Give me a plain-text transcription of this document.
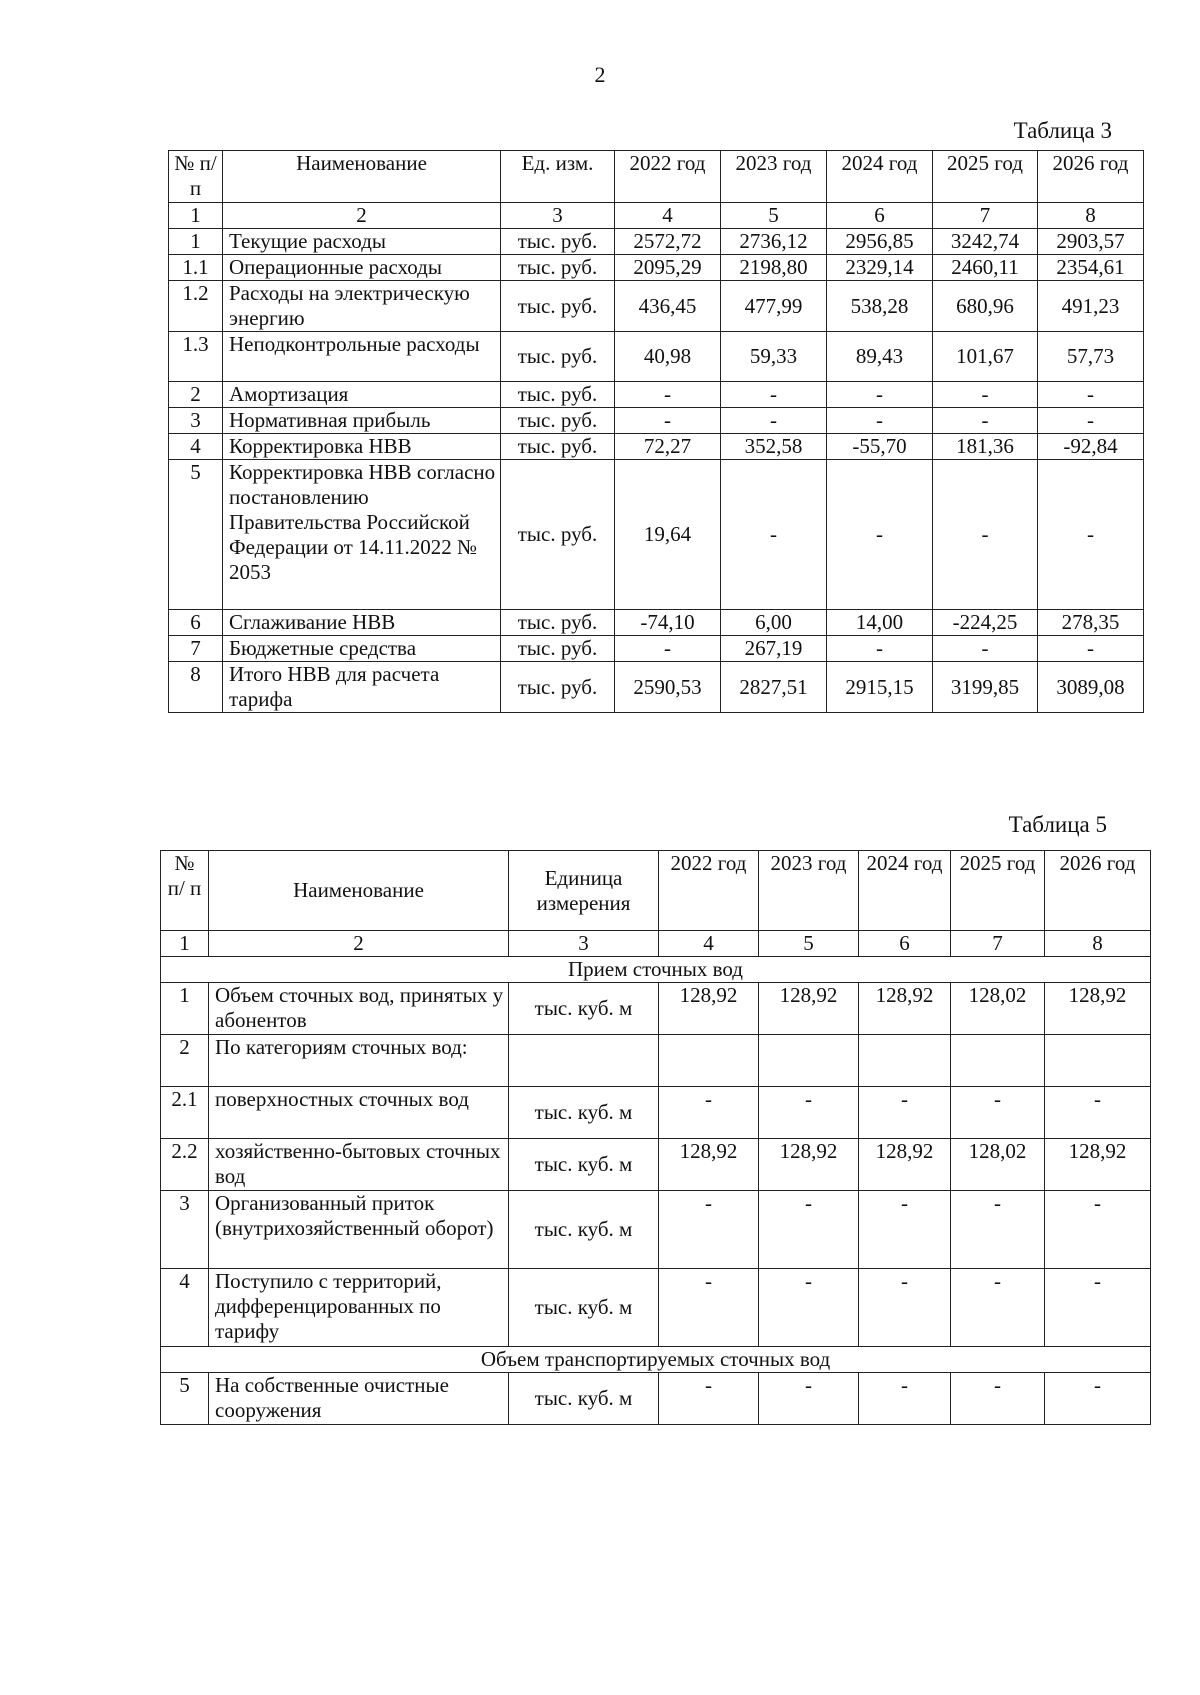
2
Таблица 3
№ п/п	Наименование	Ед. изм.	2022 год	2023 год	2024 год	2025 год	2026 год
1	2	3	4	5	6	7	8
1	Текущие расходы	тыс. руб.	2572,72	2736,12	2956,85	3242,74	2903,57
1.1	Операционные расходы	тыс. руб.	2095,29	2198,80	2329,14	2460,11	2354,61
1.2	Расходы на электрическую энергию	тыс. руб.	436,45	477,99	538,28	680,96	491,23
1.3	Неподконтрольные расходы	тыс. руб.	40,98	59,33	89,43	101,67	57,73
2	Амортизация	тыс. руб.	-	-	-	-	-
3	Нормативная прибыль	тыс. руб.	-	-	-	-	-
4	Корректировка НВВ	тыс. руб.	72,27	352,58	-55,70	181,36	-92,84
5	Корректировка НВВ согласно постановлению Правительства Российской Федерации от 14.11.2022 № 2053	тыс. руб.	19,64	-	-	-	-
6	Сглаживание НВВ	тыс. руб.	-74,10	6,00	14,00	-224,25	278,35
7	Бюджетные средства	тыс. руб.	-	267,19	-	-	-
8	Итого НВВ для расчета тарифа	тыс. руб.	2590,53	2827,51	2915,15	3199,85	3089,08
Таблица 5
№ п/ п	Наименование	Единица измерения	2022 год	2023 год	2024 год	2025 год	2026 год
1	2	3	4	5	6	7	8
Прием сточных вод							
1	Объем сточных вод, принятых у абонентов	тыс. куб. м	128,92	128,92	128,92	128,02	128,92
2	По категориям сточных вод:						
2.1	поверхностных сточных вод	тыс. куб. м	-	-	-	-	-
2.2	хозяйственно-бытовых сточных вод	тыс. куб. м	128,92	128,92	128,92	128,02	128,92
3	Организованный приток (внутрихозяйственный оборот)	тыс. куб. м	-	-	-	-	-
4	Поступило с территорий, дифференцированных по тарифу	тыс. куб. м	-	-	-	-	-
Объем транспортируемых сточных вод							
5	На собственные очистные сооружения	тыс. куб. м	-	-	-	-	-
